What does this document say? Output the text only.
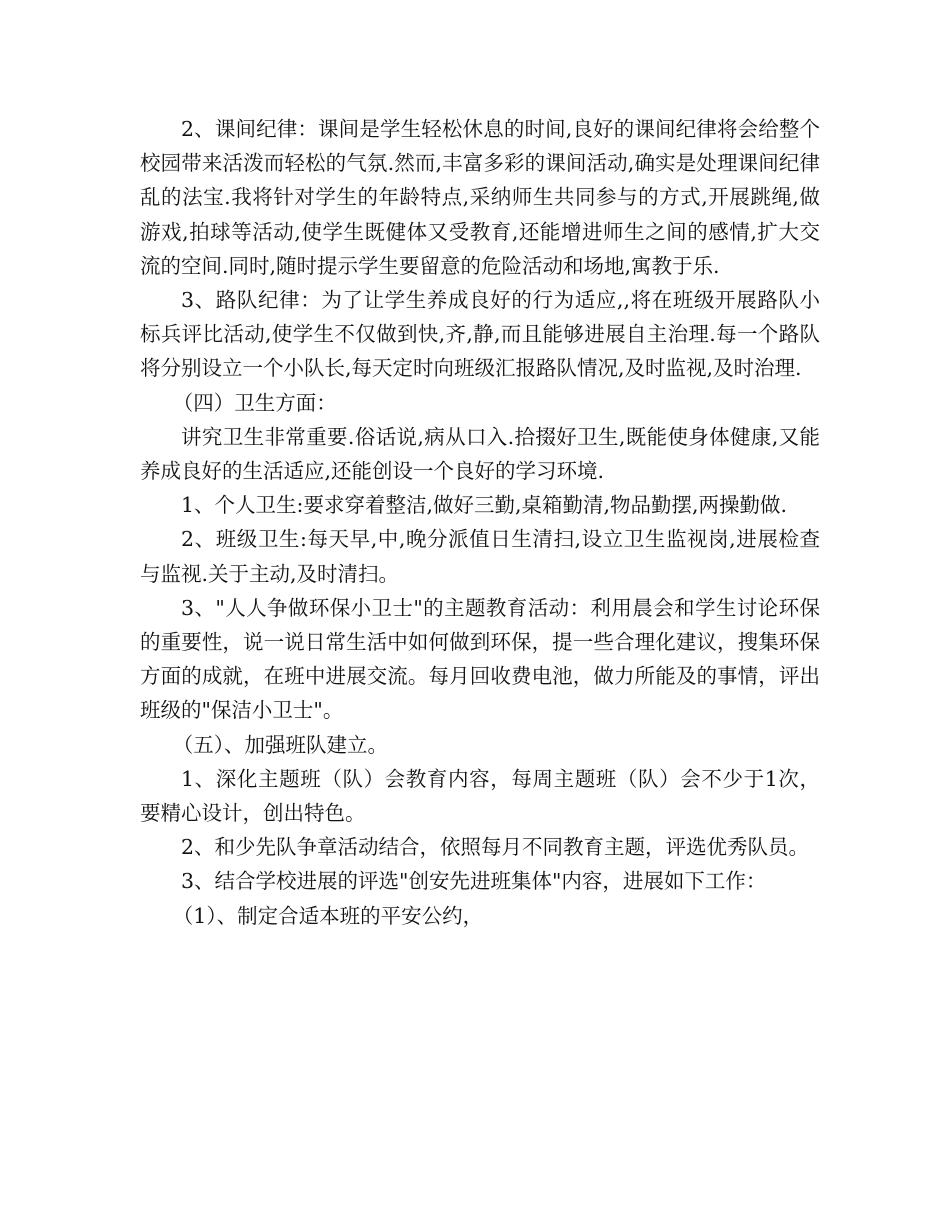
2、课间纪律：课间是学生轻松休息的时间,良好的课间纪律将会给整个校园带来活泼而轻松的气氛.然而,丰富多彩的课间活动,确实是处理课间纪律乱的法宝.我将针对学生的年龄特点,采纳师生共同参与的方式,开展跳绳,做游戏,拍球等活动,使学生既健体又受教育,还能增进师生之间的感情,扩大交流的空间.同时,随时提示学生要留意的危险活动和场地,寓教于乐.

3、路队纪律：为了让学生养成良好的行为适应,,将在班级开展路队小标兵评比活动,使学生不仅做到快,齐,静,而且能够进展自主治理.每一个路队将分别设立一个小队长,每天定时向班级汇报路队情况,及时监视,及时治理.

（四）卫生方面：

讲究卫生非常重要.俗话说,病从口入.拾掇好卫生,既能使身体健康,又能养成良好的生活适应,还能创设一个良好的学习环境.

1、个人卫生:要求穿着整洁,做好三勤,桌箱勤清,物品勤摆,两操勤做.

2、班级卫生:每天早,中,晚分派值日生清扫,设立卫生监视岗,进展检查与监视.关于主动,及时清扫。

3、"人人争做环保小卫士"的主题教育活动：利用晨会和学生讨论环保的重要性，说一说日常生活中如何做到环保，提一些合理化建议，搜集环保方面的成就，在班中进展交流。每月回收费电池，做力所能及的事情，评出班级的"保洁小卫士"。

（五）、加强班队建立。

1、深化主题班（队）会教育内容，每周主题班（队）会不少于1次，要精心设计，创出特色。

2、和少先队争章活动结合，依照每月不同教育主题，评选优秀队员。

3、结合学校进展的评选"创安先进班集体"内容，进展如下工作：

（1）、制定合适本班的平安公约，
